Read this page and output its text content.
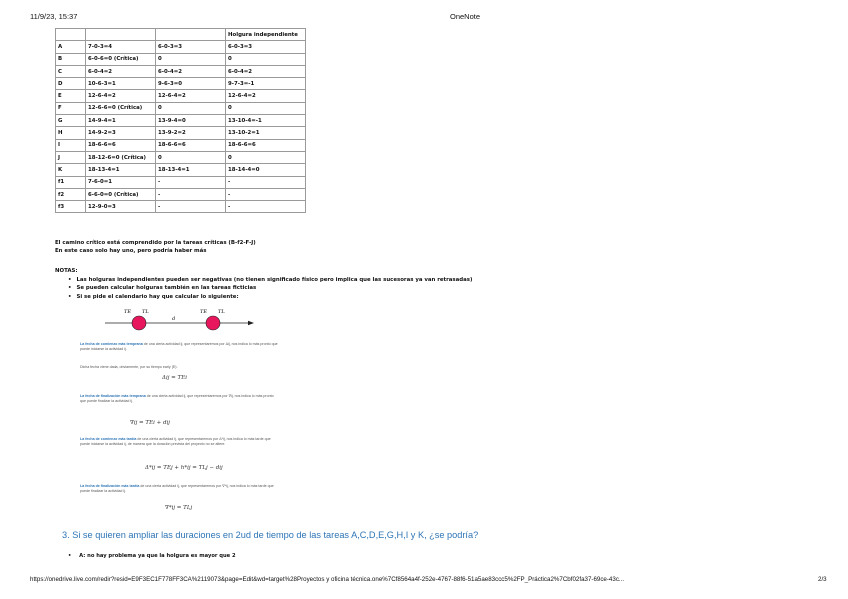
11/9/23, 15:37	OneNote
			Holgura independiente
A	7-0-3=4	6-0-3=3	6-0-3=3
B	6-0-6=0 (Crítica)	0	0
C	6-0-4=2	6-0-4=2	6-0-4=2
D	10-6-3=1	9-6-3=0	9-7-3=-1
E	12-6-4=2	12-6-4=2	12-6-4=2
F	12-6-6=0 (Crítica)	0	0
G	14-9-4=1	13-9-4=0	13-10-4=-1
H	14-9-2=3	13-9-2=2	13-10-2=1
I	18-6-6=6	18-6-6=6	18-6-6=6
J	18-12-6=0 (Crítica)	0	0
K	18-13-4=1	18-13-4=1	18-14-4=0
f1	7-6-0=1	-	-
f2	6-6-0=0 (Crítica)	-	-
f3	12-9-0=3	-	-
El camino crítico está comprendido por la tareas críticas (B-f2-F-J)
En este caso solo hay uno, pero podría haber más
NOTAS:
• Las holguras independientes pueden ser negativas (no tienen significado físico pero implica que las sucesoras ya van retrasadas)
• Se pueden calcular holguras también en las tareas ficticias
• Si se pide el calendario hay que calcular lo siguiente:
TE TL
d
TE TL
La fecha de comienzo más temprana de una cierta actividad ij, que representaremos por Δij, nos indica lo más pronto que puede iniciarse la actividad ij.
Dicha fecha viene dada, obviamente, por su tiempo early (E):
Δij = TEi
La fecha de finalización más temprana de una cierta actividad ij, que representaremos por ∇ij, nos indica lo más pronto que puede finalizar la actividad ij.
∇ij = TEi + dij
La fecha de comienzo más tardía de una cierta actividad ij, que representaremos por Δ*ij, nos indica lo más tarde que puede iniciarse la actividad ij, de manera que la duración prevista del proyecto no se altere.
Δ*ij = TEj + h*ij = TLj − dij
La fecha de finalización más tardía de una cierta actividad ij, que representaremos por ∇*ij, nos indica lo más tarde que puede finalizar la actividad ij.
∇*ij = TLj
3. Si se quieren ampliar las duraciones en 2ud de tiempo de las tareas A,C,D,E,G,H,I y K, ¿se podría?
• A: no hay problema ya que la holgura es mayor que 2
https://onedrive.live.com/redir?resid=E9F3EC1F778FF3CA%2119073&page=Edit&wd=target%28Proyectos y oficina técnica.one%7Cf8564a4f-252e-4767-88f6-51a5ae83ccc5%2FP_Práctica2%7Cbf02fa37-69ce-43c...	2/3
